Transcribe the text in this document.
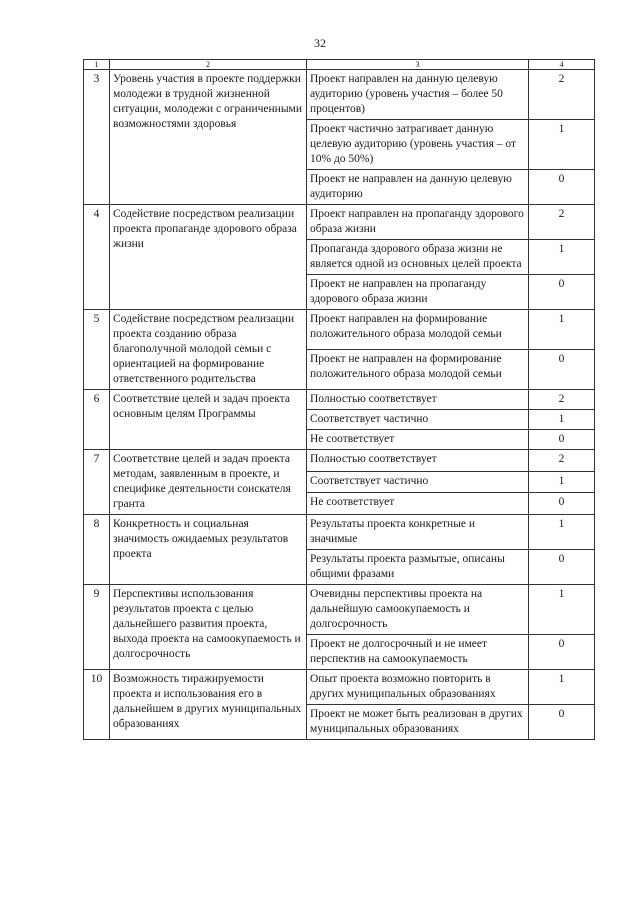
32
1	2	3	4
3	Уровень участия в проекте поддержки молодежи в трудной жизненной ситуации, молодежи с ограниченными возможностями здоровья	Проект направлен на данную целевую аудиторию (уровень участия – более 50 процентов)	2
		Проект частично затрагивает данную целевую аудиторию (уровень участия – от 10% до 50%)	1
		Проект не направлен на данную целевую аудиторию	0
4	Содействие посредством реализации проекта пропаганде здорового образа жизни	Проект направлен на пропаганду здорового образа жизни	2
		Пропаганда здорового образа жизни не является одной из основных целей проекта	1
		Проект не направлен на пропаганду здорового образа жизни	0
5	Содействие посредством реализации проекта созданию образа благополучной молодой семьи с ориентацией на формирование ответственного родительства	Проект направлен на формирование положительного образа молодой семьи	1
		Проект не направлен на формирование положительного образа молодой семьи	0
6	Соответствие целей и задач проекта основным целям Программы	Полностью соответствует	2
		Соответствует частично	1
		Не соответствует	0
7	Соответствие целей и задач проекта методам, заявленным в проекте, и специфике деятельности соискателя гранта	Полностью соответствует	2
		Соответствует частично	1
		Не соответствует	0
8	Конкретность и социальная значимость ожидаемых результатов проекта	Результаты проекта конкретные и значимые	1
		Результаты проекта размытые, описаны общими фразами	0
9	Перспективы использования результатов проекта с целью дальнейшего развития проекта, выхода проекта на самоокупаемость и долгосрочность	Очевидны перспективы проекта на дальнейшую самоокупаемость и долгосрочность	1
		Проект не долгосрочный и не имеет перспектив на самоокупаемость	0
10	Возможность тиражируемости проекта и использования его в дальнейшем в других муниципальных образованиях	Опыт проекта возможно повторить в других муниципальных образованиях	1
		Проект не может быть реализован в других муниципальных образованиях	0
